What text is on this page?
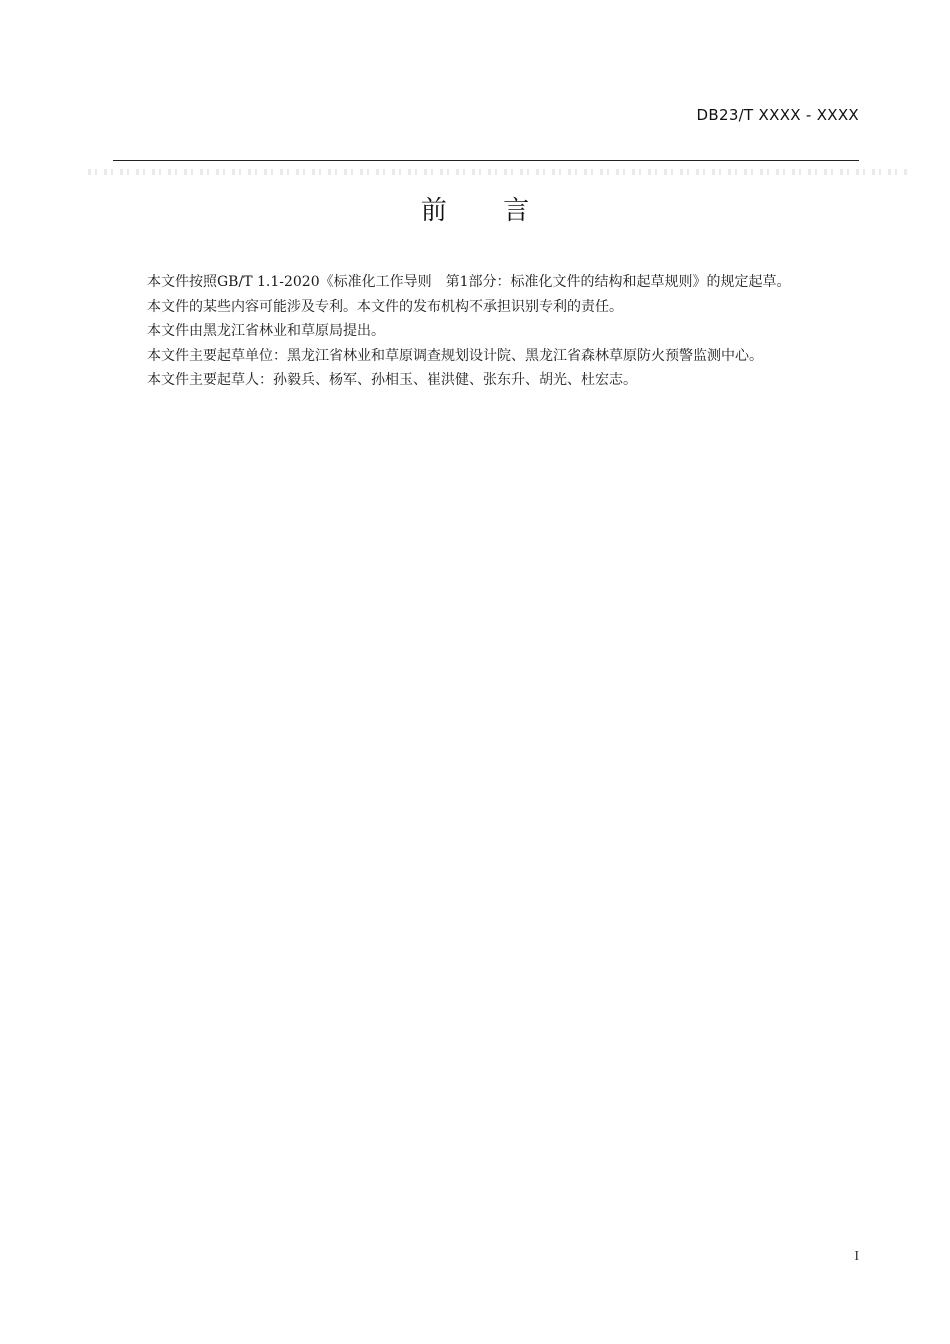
DB23/T XXXX - XXXX
前 言

本文件按照GB/T 1.1-2020《标准化工作导则　第1部分：标准化文件的结构和起草规则》的规定起草。

本文件的某些内容可能涉及专利。本文件的发布机构不承担识别专利的责任。

本文件由黑龙江省林业和草原局提出。

本文件主要起草单位：黑龙江省林业和草原调查规划设计院、黑龙江省森林草原防火预警监测中心。

本文件主要起草人：孙毅兵、杨军、孙相玉、崔洪健、张东升、胡光、杜宏志。

I
